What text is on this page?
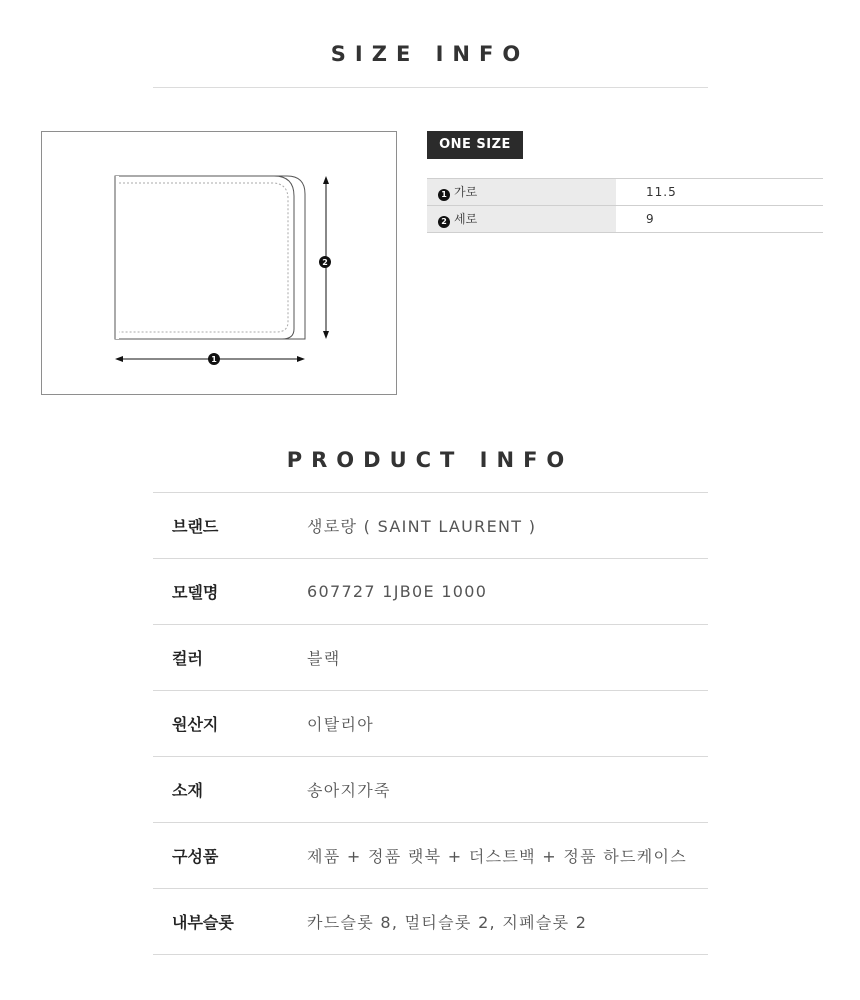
SIZE INFO
1
2
ONE SIZE
1 가로	11.5
2 세로	9
PRODUCT INFO
브랜드	생로랑 ( SAINT LAURENT )
모델명	607727 1JB0E 1000
컬러	블랙
원산지	이탈리아
소재	송아지가죽
구성품	제품 + 정품 랫북 + 더스트백 + 정품 하드케이스
내부슬롯	카드슬롯 8, 멀티슬롯 2, 지폐슬롯 2
